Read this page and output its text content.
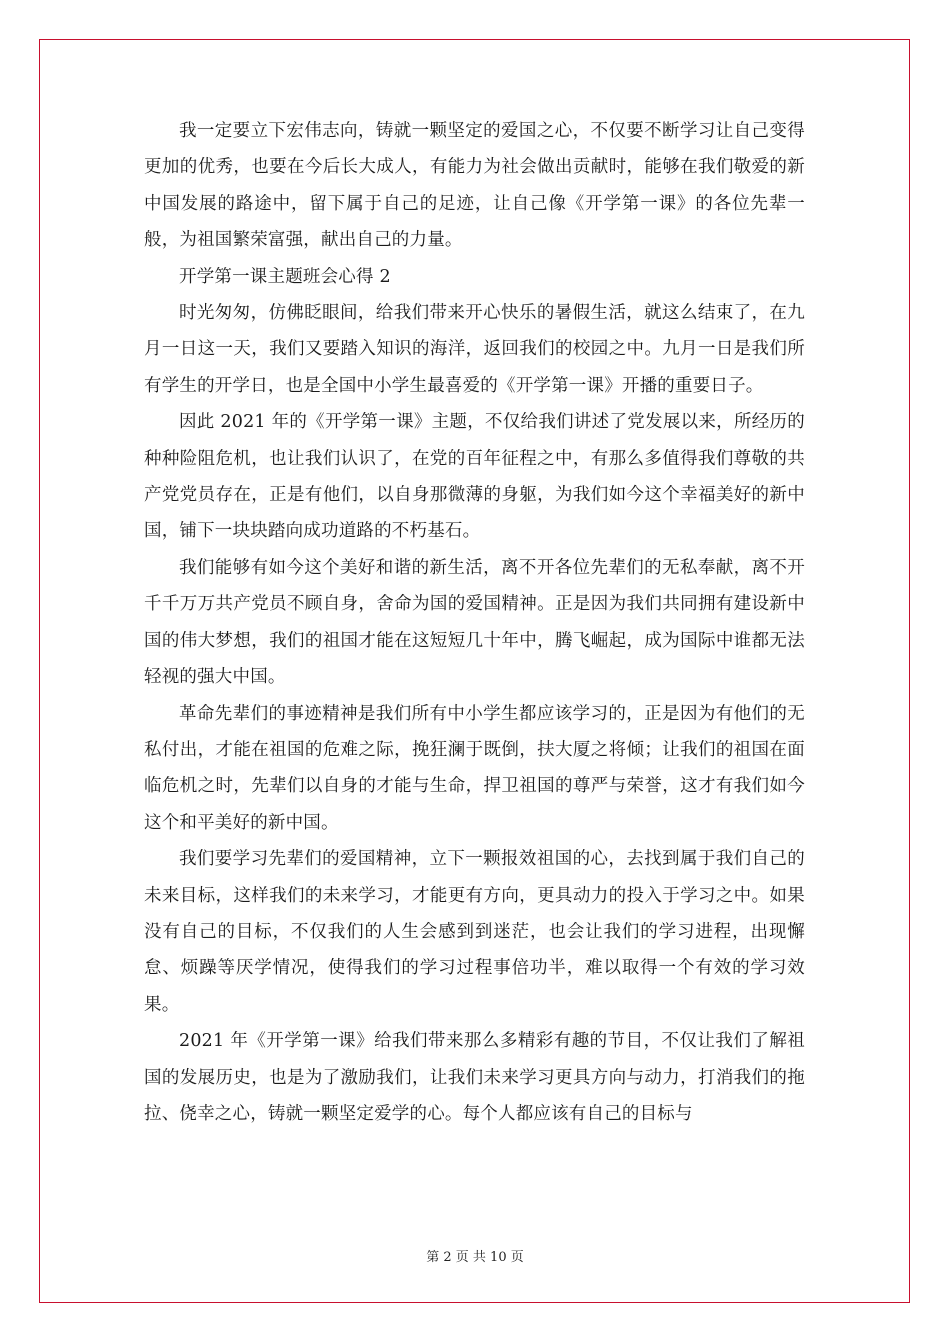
我一定要立下宏伟志向，铸就一颗坚定的爱国之心，不仅要不断学习让自己变得更加的优秀，也要在今后长大成人，有能力为社会做出贡献时，能够在我们敬爱的新中国发展的路途中，留下属于自己的足迹，让自己像《开学第一课》的各位先辈一般，为祖国繁荣富强，献出自己的力量。

开学第一课主题班会心得 2

时光匆匆，仿佛眨眼间，给我们带来开心快乐的暑假生活，就这么结束了，在九月一日这一天，我们又要踏入知识的海洋，返回我们的校园之中。九月一日是我们所有学生的开学日，也是全国中小学生最喜爱的《开学第一课》开播的重要日子。

因此 2021 年的《开学第一课》主题，不仅给我们讲述了党发展以来，所经历的种种险阻危机，也让我们认识了，在党的百年征程之中，有那么多值得我们尊敬的共产党党员存在，正是有他们，以自身那微薄的身躯，为我们如今这个幸福美好的新中国，铺下一块块踏向成功道路的不朽基石。

我们能够有如今这个美好和谐的新生活，离不开各位先辈们的无私奉献，离不开千千万万共产党员不顾自身，舍命为国的爱国精神。正是因为我们共同拥有建设新中国的伟大梦想，我们的祖国才能在这短短几十年中，腾飞崛起，成为国际中谁都无法轻视的强大中国。

革命先辈们的事迹精神是我们所有中小学生都应该学习的，正是因为有他们的无私付出，才能在祖国的危难之际，挽狂澜于既倒，扶大厦之将倾；让我们的祖国在面临危机之时，先辈们以自身的才能与生命，捍卫祖国的尊严与荣誉，这才有我们如今这个和平美好的新中国。

我们要学习先辈们的爱国精神，立下一颗报效祖国的心，去找到属于我们自己的未来目标，这样我们的未来学习，才能更有方向，更具动力的投入于学习之中。如果没有自己的目标，不仅我们的人生会感到到迷茫，也会让我们的学习进程，出现懈怠、烦躁等厌学情况，使得我们的学习过程事倍功半，难以取得一个有效的学习效果。

2021 年《开学第一课》给我们带来那么多精彩有趣的节目，不仅让我们了解祖国的发展历史，也是为了激励我们，让我们未来学习更具方向与动力，打消我们的拖拉、侥幸之心，铸就一颗坚定爱学的心。每个人都应该有自己的目标与

第 2 页 共 10 页
